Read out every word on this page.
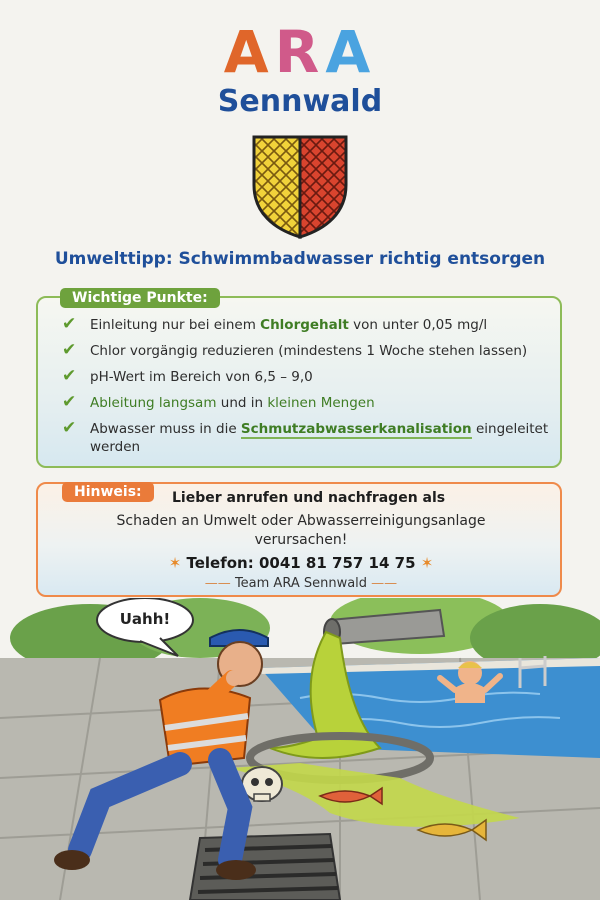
ARA
Sennwald
Umwelttipp: Schwimmbadwasser richtig entsorgen
Wichtige Punkte:
✔ Einleitung nur bei einem Chlorgehalt von unter 0,05 mg/l
✔ Chlor vorgängig reduzieren (mindestens 1 Woche stehen lassen)
✔ pH-Wert im Bereich von 6,5 – 9,0
✔ Ableitung langsam und in kleinen Mengen
✔ Abwasser muss in die Schmutzabwasserkanalisation eingeleitet werden
Hinweis:	Lieber anrufen und nachfragen als
Schaden an Umwelt oder Abwasserreinigungsanlage
verursachen!
✶ Telefon: 0041 81 757 14 75 ✶
—— Team ARA Sennwald ——
Uahh!
